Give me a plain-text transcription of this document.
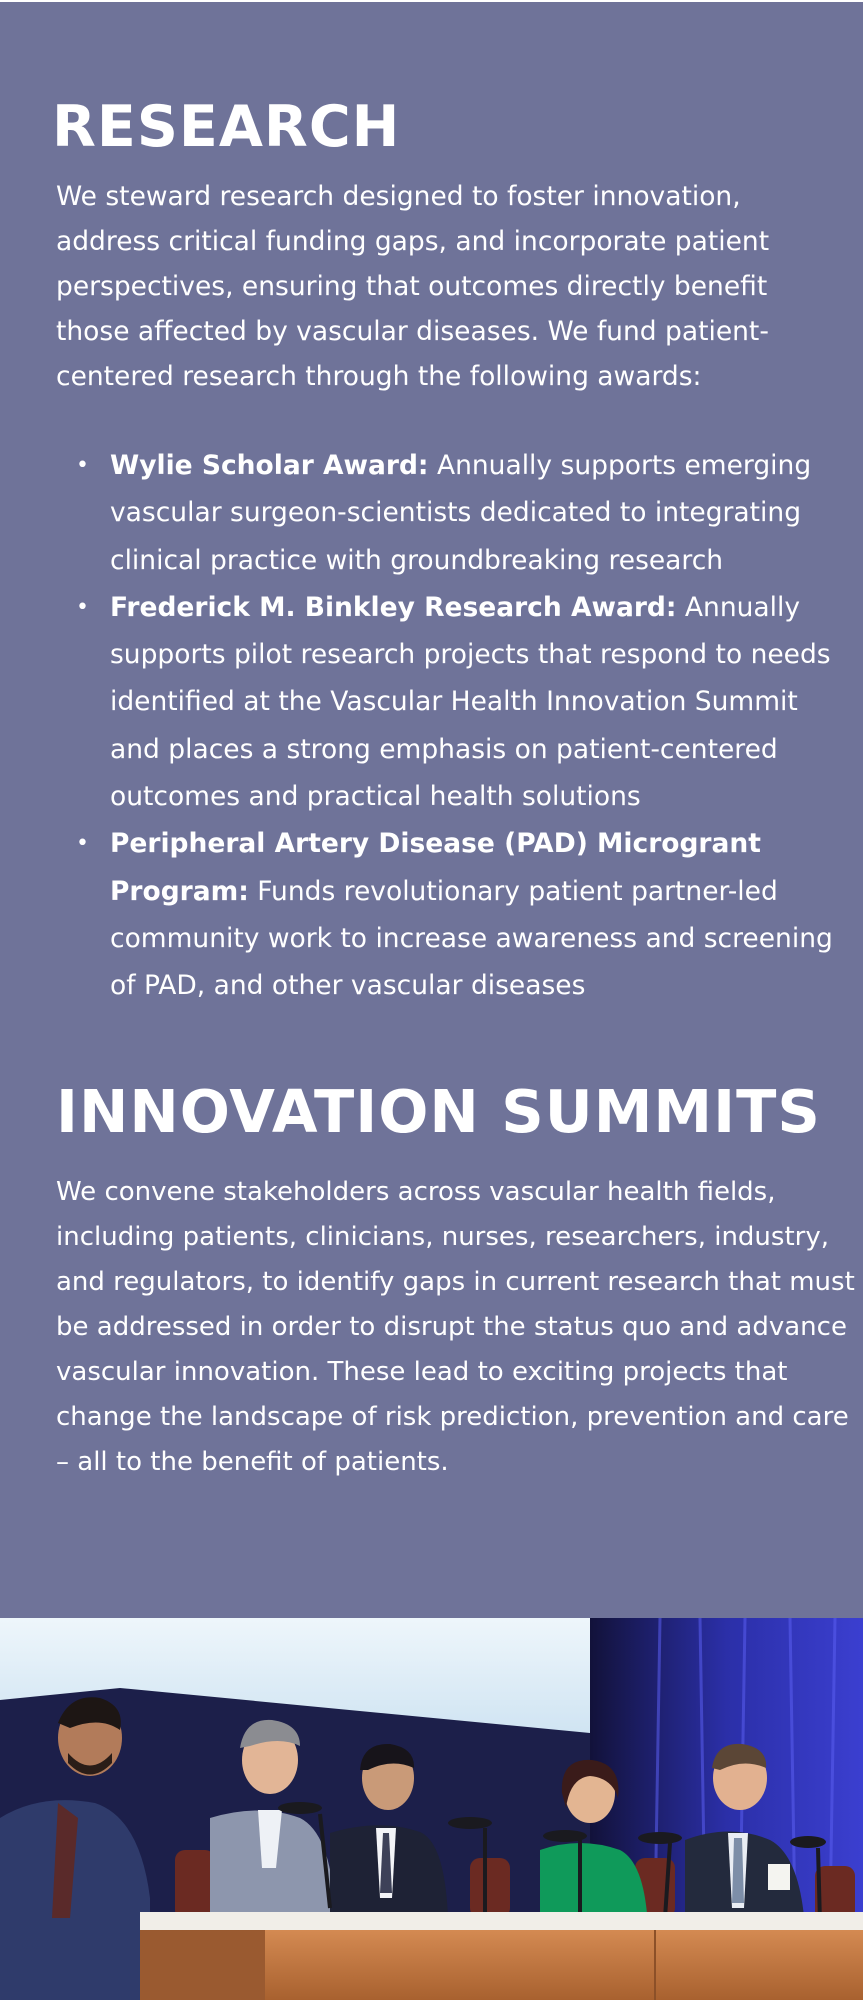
RESEARCH

We steward research designed to foster innovation, address critical funding gaps, and incorporate patient perspectives, ensuring that outcomes directly benefit those affected by vascular diseases. We fund patient-centered research through the following awards:

• Wylie Scholar Award: Annually supports emerging vascular surgeon-scientists dedicated to integrating clinical practice with groundbreaking research
• Frederick M. Binkley Research Award: Annually supports pilot research projects that respond to needs identified at the Vascular Health Innovation Summit and places a strong emphasis on patient-centered outcomes and practical health solutions
• Peripheral Artery Disease (PAD) Microgrant Program: Funds revolutionary patient partner-led community work to increase awareness and screening of PAD, and other vascular diseases
INNOVATION SUMMITS

We convene stakeholders across vascular health fields, including patients, clinicians, nurses, researchers, industry, and regulators, to identify gaps in current research that must be addressed in order to disrupt the status quo and advance vascular innovation. These lead to exciting projects that change the landscape of risk prediction, prevention and care – all to the benefit of patients.
